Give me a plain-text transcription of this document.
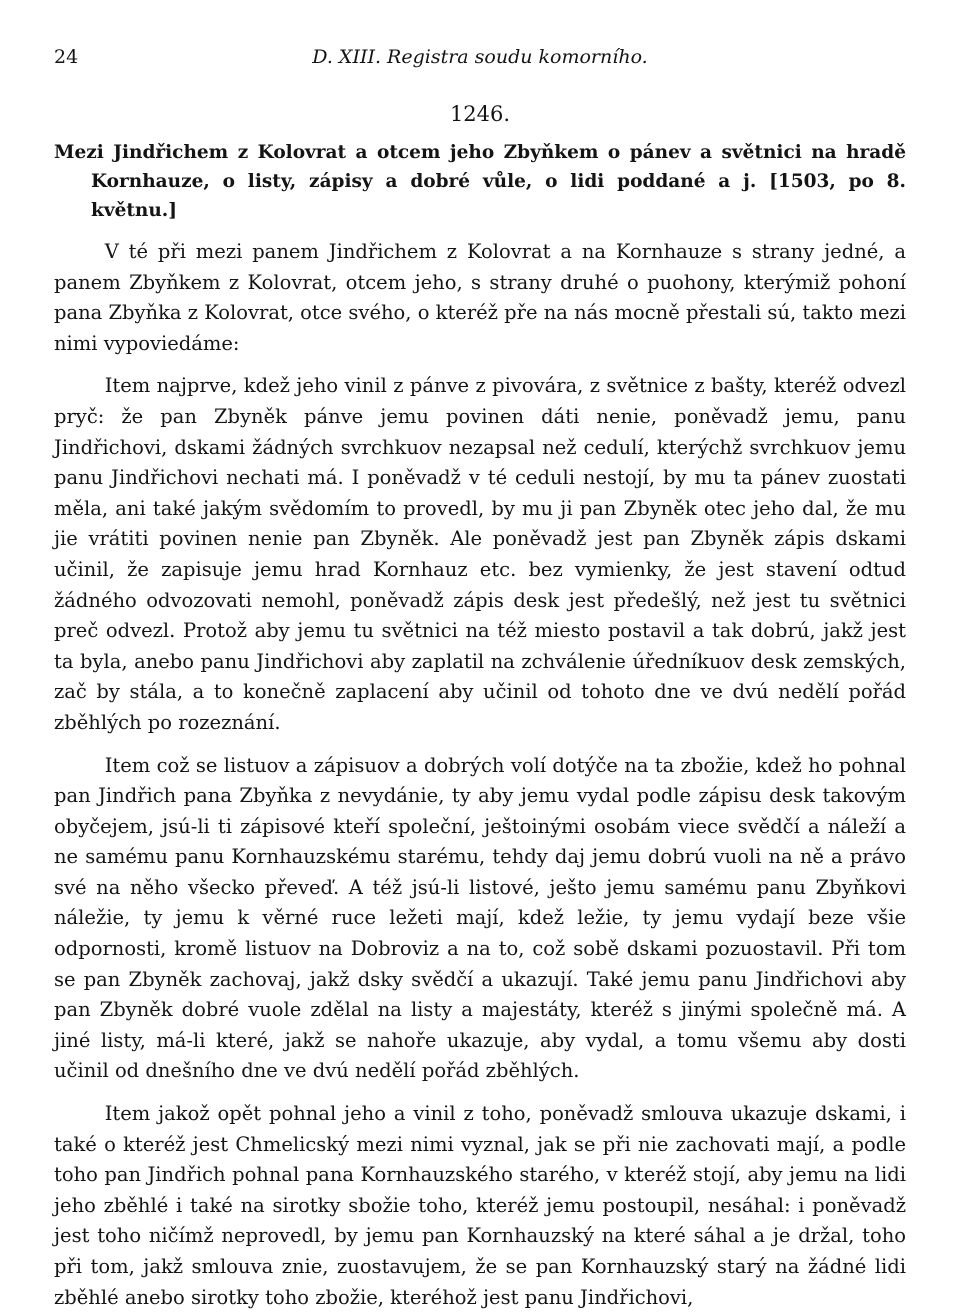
24	D. XIII. Registra soudu komorního.
1246.

Mezi Jindřichem z Kolovrat a otcem jeho Zbyňkem o pánev a světnici na hradě Kornhauze, o listy, zápisy a dobré vůle, o lidi poddané a j. [1503, po 8. květnu.]

V té při mezi panem Jindřichem z Kolovrat a na Kornhauze s strany jedné, a panem Zbyňkem z Kolovrat, otcem jeho, s strany druhé o puohony, kterýmiž pohoní pana Zbyňka z Kolovrat, otce svého, o kteréž pře na nás mocně přestali sú, takto mezi nimi vypoviedáme:

Item najprve, kdež jeho vinil z pánve z pivovára, z světnice z bašty, kteréž odvezl pryč: že pan Zbyněk pánve jemu povinen dáti nenie, poněvadž jemu, panu Jindřichovi, dskami žádných svrchkuov nezapsal než cedulí, kterýchž svrchkuov jemu panu Jindřichovi nechati má. I poněvadž v té ceduli nestojí, by mu ta pánev zuostati měla, ani také jakým svědomím to provedl, by mu ji pan Zbyněk otec jeho dal, že mu jie vrátiti povinen nenie pan Zbyněk. Ale poněvadž jest pan Zbyněk zápis dskami učinil, že zapisuje jemu hrad Kornhauz etc. bez vymienky, že jest stavení odtud žádného odvozovati nemohl, poněvadž zápis desk jest předešlý, než jest tu světnici preč odvezl. Protož aby jemu tu světnici na též miesto postavil a tak dobrú, jakž jest ta byla, anebo panu Jindřichovi aby zaplatil na zchválenie úředníkuov desk zemských, zač by stála, a to konečně zaplacení aby učinil od tohoto dne ve dvú nedělí pořád zběhlých po rozeznání.

Item což se listuov a zápisuov a dobrých volí dotýče na ta zbožie, kdež ho pohnal pan Jindřich pana Zbyňka z nevydánie, ty aby jemu vydal podle zápisu desk takovým obyčejem, jsú-li ti zápisové kteří společní, ještoinými osobám viece svědčí a náleží a ne samému panu Kornhauzskému starému, tehdy daj jemu dobrú vuoli na ně a právo své na něho všecko převeď. A též jsú-li listové, ješto jemu samému panu Zbyňkovi náležie, ty jemu k věrné ruce ležeti mají, kdež ležie, ty jemu vydají beze všie odpornosti, kromě listuov na Dobroviz a na to, což sobě dskami pozuostavil. Při tom se pan Zbyněk zachovaj, jakž dsky svědčí a ukazují. Také jemu panu Jindřichovi aby pan Zbyněk dobré vuole zdělal na listy a majestáty, kteréž s jinými společně má. A jiné listy, má-li které, jakž se nahoře ukazuje, aby vydal, a tomu všemu aby dosti učinil od dnešního dne ve dvú nedělí pořád zběhlých.

Item jakož opět pohnal jeho a vinil z toho, poněvadž smlouva ukazuje dskami, i také o kteréž jest Chmelicský mezi nimi vyznal, jak se při nie zachovati mají, a podle toho pan Jindřich pohnal pana Kornhauzského starého, v kteréž stojí, aby jemu na lidi jeho zběhlé i také na sirotky sbožie toho, kteréž jemu postoupil, nesáhal: i poněvadž jest toho ničímž neprovedl, by jemu pan Kornhauzský na které sáhal a je držal, toho při tom, jakž smlouva znie, zuostavujem, že se pan Kornhauzský starý na žádné lidi zběhlé anebo sirotky toho zbožie, kteréhož jest panu Jindřichovi,
